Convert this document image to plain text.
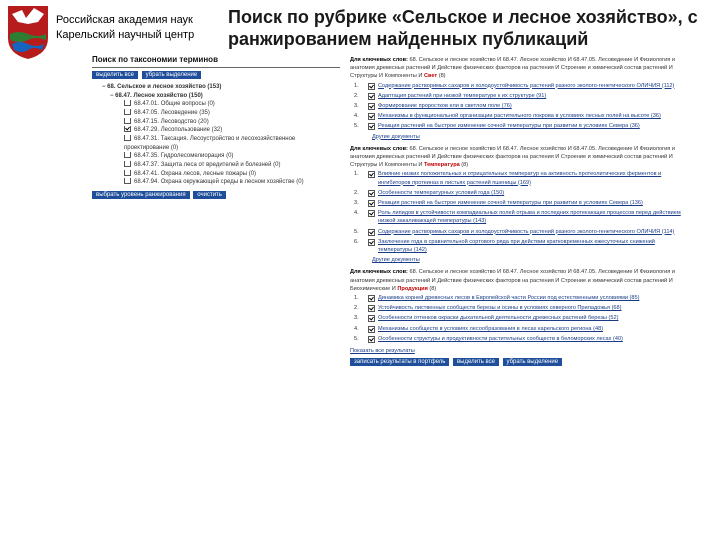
Российская академия наук
Карельский научный центр
Поиск по рубрике «Сельское и лесное хозяйство», с ранжированием найденных публикаций
Поиск по таксономии терминов
выделить все убрать выделение
− 68. Сельское и лесное хозяйство (153)
− 68.47. Лесное хозяйство (150)
68.47.01. Общие вопросы (0)
68.47.05. Лесоведение (35)
68.47.15. Лесоводство (20)
68.47.29. Лесопользование (32)
68.47.31. Таксация. Лесоустройство и лесохозяйственное проектирование (0)
68.47.35. Гидролесомелиорация (0)
68.47.37. Защита леса от вредителей и болезней (0)
68.47.41. Охрана лесов, лесные пожары (0)
68.47.94. Охрана окружающей среды в лесном хозяйстве (0)
выбрать уровень ранжирования очистить
Для ключевых слов: 68. Сельское и лесное хозяйство И 68.47. Лесное хозяйство И 68.47.05. Лесоведение И Физиология и анатомия древесных растений И Действие физических факторов на растения И Строение и химический состав растений И Структуры И Компоненты И Свет (8)
1.	Содержание растворимых сахаров и холодоустойчивость растений разного эколого-генетического ОЛИЧИЯ (112)
2.	Адаптация растений при низкой температуре к их структуре (91)
3.	Формирование проростков ели в светлом поле (76)
4.	Механизмы в функциональной организации растительного покрова в условиях лесных полей на высоте (36)
5.	Реакция растений на быстрое изменение сочной температуры при развитии в условиях Севера (36)
Другие документы
Для ключевых слов: 68. Сельское и лесное хозяйство И 68.47. Лесное хозяйство И 68.47.05. Лесоведение И Физиология и анатомия древесных растений И Действие физических факторов на растения И Строение и химический состав растений И Структуры И Компоненты И Температура (8)
1.	Влияние низких положительных и отрицательных температур на активность протеолитических ферментов и ингибиторов протеиназ в листьях растений пшеницы (169)
2.	Особенности температурных условий года (150)
3.	Реакция растений на быстрое изменение сочной температуры при развитии в условиях Севера (136)
4.	Роль липидов в устойчивости компадиальных полей отрыва и последних протекающих процессов перед действием низкой закаливающей температуры (143)
5.	Содержание растворимых сахаров и холодоустойчивость растений разного эколого-генетического ОЛИЧИЯ (114)
6.	Заключение года в сравнительной сортового ряда при действии кратковременных ежесуточных снижений температуры (142)
Другие документы
Для ключевых слов: 68. Сельское и лесное хозяйство И 68.47. Лесное хозяйство И 68.47.05. Лесоведение И Физиология и анатомия древесных растений И Действие физических факторов на растения И Строение и химический состав растений И Биохимические И Продукция (8)
1.	Динамика корней древесных лесов в Европейской части России под естественными условиями (85)
2.	Устойчивость лиственных сообществ березы и осины в условиях северного Приладожья (68)
3.	Особенности оттенков окраски дыхательной деятельности древесных растений березы (52)
4.	Механизмы сообществ в условиях лесообразования в лесах карельского региона (48)
5.	Особенности структуры и продуктивности растительных сообществ в беломорских лесах (40)
Показать все результаты
записать результаты в портфель выделить все убрать выделение
